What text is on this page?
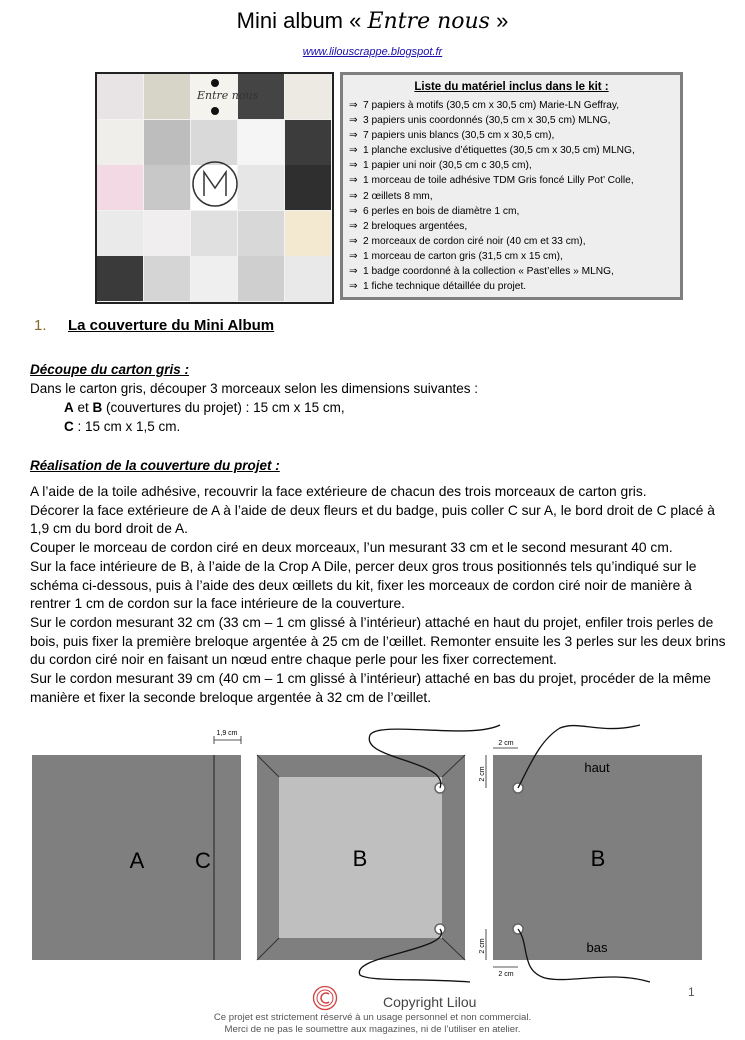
Mini album « Entre nous »
www.lilouscrappe.blogspot.fr
Entre nous
Liste du matériel inclus dans le kit :
⇒ 7 papiers à motifs (30,5 cm x 30,5 cm) Marie-LN Geffray,
⇒ 3 papiers unis coordonnés (30,5 cm x 30,5 cm) MLNG,
⇒ 7 papiers unis blancs (30,5 cm x 30,5 cm),
⇒ 1 planche exclusive d’étiquettes (30,5 cm x 30,5 cm) MLNG,
⇒ 1 papier uni noir (30,5 cm c 30,5 cm),
⇒ 1 morceau de toile adhésive TDM Gris foncé Lilly Pot’ Colle,
⇒ 2 œillets 8 mm,
⇒ 6 perles en bois de diamètre 1 cm,
⇒ 2 breloques argentées,
⇒ 2 morceaux de cordon ciré noir (40 cm et 33 cm),
⇒ 1 morceau de carton gris (31,5 cm x 15 cm),
⇒ 1 badge coordonné à la collection « Past’elles » MLNG,
⇒ 1 fiche technique détaillée du projet.
1. La couverture du Mini Album
Découpe du carton gris :
Dans le carton gris, découper 3 morceaux selon les dimensions suivantes :
A et B (couvertures du projet) : 15 cm x 15 cm,
C : 15 cm x 1,5 cm.
Réalisation de la couverture du projet :

A l’aide de la toile adhésive, recouvrir la face extérieure de chacun des trois morceaux de carton gris.

Décorer la face extérieure de A à l’aide de deux fleurs et du badge, puis coller C sur A, le bord droit de C placé à 1,9 cm du bord droit de A.

Couper le morceau de cordon ciré en deux morceaux, l’un mesurant 33 cm et le second mesurant 40 cm.

Sur la face intérieure de B, à l’aide de la Crop A Dile, percer deux gros trous positionnés tels qu’indiqué sur le schéma ci-dessous, puis à l’aide des deux œillets du kit, fixer les morceaux de cordon ciré noir de manière à rentrer 1 cm de cordon sur la face intérieure de la couverture.

Sur le cordon mesurant 32 cm (33 cm – 1 cm glissé à l’intérieur) attaché en haut du projet, enfiler trois perles de bois, puis fixer la première breloque argentée à 25 cm de l’œillet. Remonter ensuite les 3 perles sur les deux brins du cordon ciré noir en faisant un nœud entre chaque perle pour les fixer correctement.

Sur le cordon mesurant 39 cm (40 cm – 1 cm glissé à l’intérieur) attaché en bas du projet, procéder de la même manière et fixer la seconde breloque argentée à 32 cm de l’œillet.

1,9 cm
A C	B
2 cm
2 cm
2 cm
2 cm
haut
bas
B
Copyright Lilou
1
Ce projet est strictement réservé à un usage personnel et non commercial.
Merci de ne pas le soumettre aux magazines, ni de l’utiliser en atelier.
